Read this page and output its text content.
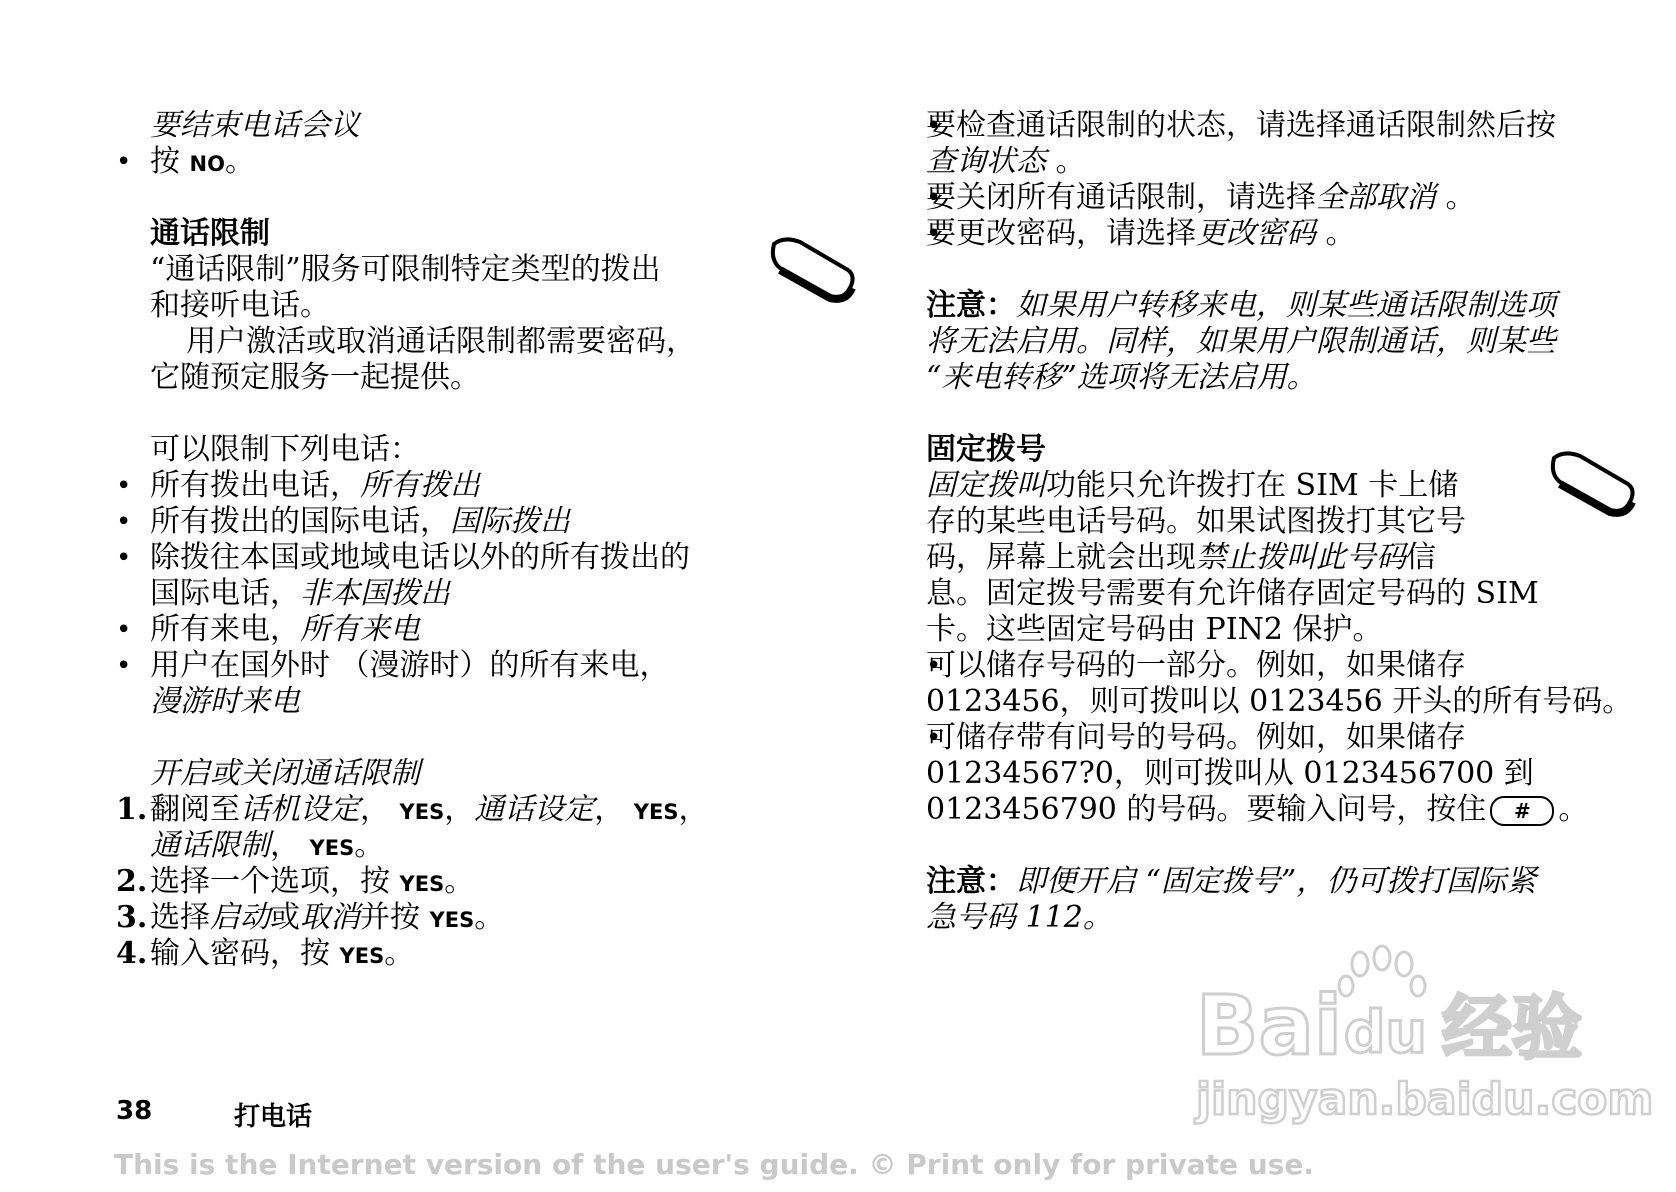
要结束电话会议
• 按 NO。
通话限制
“通话限制”服务可限制特定类型的拨出
和接听电话。
用户激活或取消通话限制都需要密码，
它随预定服务一起提供。
可以限制下列电话：
• 所有拨出电话，所有拨出
• 所有拨出的国际电话，国际拨出
• 除拨往本国或地域电话以外的所有拨出的
国际电话，非本国拨出
• 所有来电，所有来电
• 用户在国外时 （漫游时）的所有来电，
漫游时来电
开启或关闭通话限制
1. 翻阅至话机设定， YES，通话设定， YES，
通话限制， YES。
2. 选择一个选项，按 YES。
3. 选择启动或取消并按 YES。
4. 输入密码，按 YES。
• 要检查通话限制的状态，请选择通话限制然后按
查询状态 。
• 要关闭所有通话限制，请选择全部取消 。
• 要更改密码，请选择更改密码 。
注意：如果用户转移来电，则某些通话限制选项
将无法启用。同样，如果用户限制通话，则某些
“来电转移”选项将无法启用。
固定拨号
固定拨叫功能只允许拨打在 SIM 卡上储
存的某些电话号码。如果试图拨打其它号
码，屏幕上就会出现禁止拨叫此号码信
息。固定拨号需要有允许储存固定号码的 SIM
卡。这些固定号码由 PIN2 保护。
• 可以储存号码的一部分。例如，如果储存
0123456，则可拨叫以 0123456 开头的所有号码。
• 可储存带有问号的号码。例如，如果储存
01234567?0，则可拨叫从 0123456700 到
0123456790 的号码。要输入问号，按住 # 。
注意：即便开启 “固定拨号”，仍可拨打国际紧
急号码 112。
Bai du 经验
jingyan.baidu.com
38	打电话
This is the Internet version of the user's guide. © Print only for private use.
